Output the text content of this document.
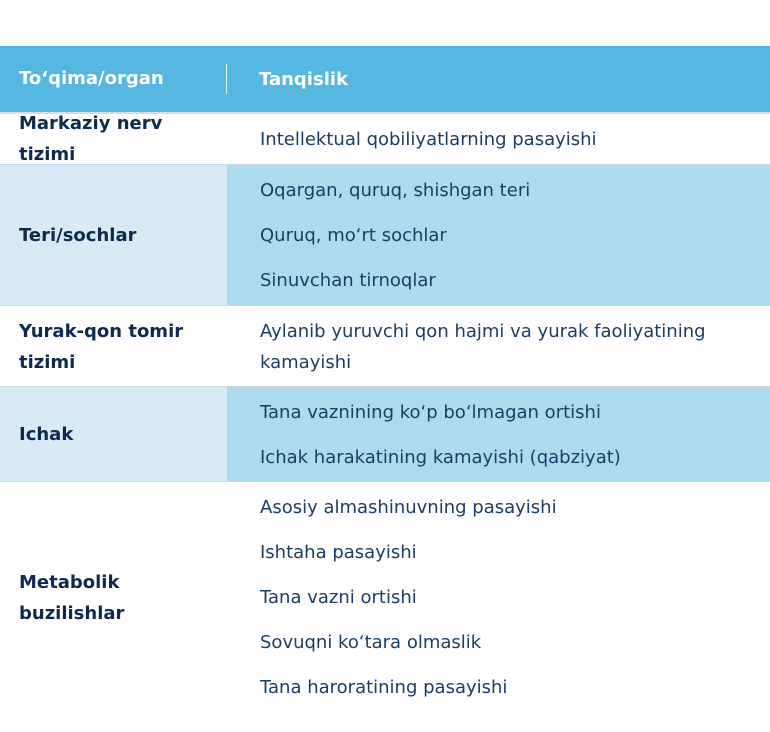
To‘qima/organ	Tanqislik
Markaziy nerv tizimi
Intellektual qobiliyatlarning pasayishi
Teri/sochlar
Oqargan, quruq, shishgan teri
Quruq, mo‘rt sochlar
Sinuvchan tirnoqlar
Yurak-qon tomir tizimi
Aylanib yuruvchi qon hajmi va yurak faoliyatining kamayishi
Ichak
Tana vaznining ko‘p bo‘lmagan ortishi
Ichak harakatining kamayishi (qabziyat)
Metabolik buzilishlar
Asosiy almashinuvning pasayishi
Ishtaha pasayishi
Tana vazni ortishi
Sovuqni ko‘tara olmaslik
Tana haroratining pasayishi
